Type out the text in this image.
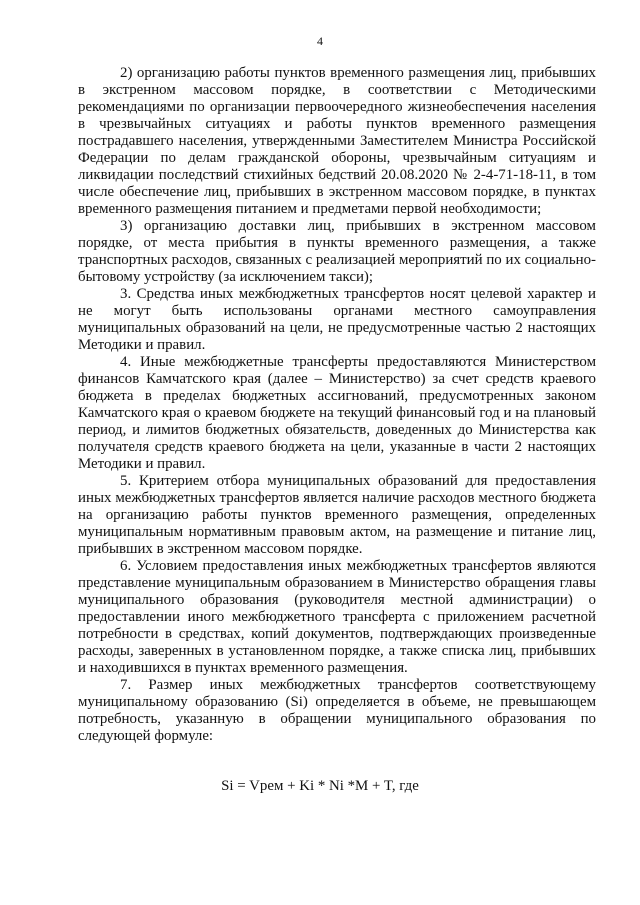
4

2) организацию работы пунктов временного размещения лиц, прибывших в экстренном массовом порядке, в соответствии с Методическими рекомендациями по организации первоочередного жизнеобеспечения населения в чрезвычайных ситуациях и работы пунктов временного размещения пострадавшего населения, утвержденными Заместителем Министра Российской Федерации по делам гражданской обороны, чрезвычайным ситуациям и ликвидации последствий стихийных бедствий 20.08.2020 № 2-4-71-18-11, в том числе обеспечение лиц, прибывших в экстренном массовом порядке, в пунктах временного размещения питанием и предметами первой необходимости;

3) организацию доставки лиц, прибывших в экстренном массовом порядке, от места прибытия в пункты временного размещения, а также транспортных расходов, связанных с реализацией мероприятий по их социально-бытовому устройству (за исключением такси);

3. Средства иных межбюджетных трансфертов носят целевой характер и не могут быть использованы органами местного самоуправления муниципальных образований на цели, не предусмотренные частью 2 настоящих Методики и правил.

4. Иные межбюджетные трансферты предоставляются Министерством финансов Камчатского края (далее – Министерство) за счет средств краевого бюджета в пределах бюджетных ассигнований, предусмотренных законом Камчатского края о краевом бюджете на текущий финансовый год и на плановый период, и лимитов бюджетных обязательств, доведенных до Министерства как получателя средств краевого бюджета на цели, указанные в части 2 настоящих Методики и правил.

5. Критерием отбора муниципальных образований для предоставления иных межбюджетных трансфертов является наличие расходов местного бюджета на организацию работы пунктов временного размещения, определенных муниципальным нормативным правовым актом, на размещение и питание лиц, прибывших в экстренном массовом порядке.

6. Условием предоставления иных межбюджетных трансфертов являются представление муниципальным образованием в Министерство обращения главы муниципального образования (руководителя местной администрации) о предоставлении иного межбюджетного трансферта с приложением расчетной потребности в средствах, копий документов, подтверждающих произведенные расходы, заверенных в установленном порядке, а также списка лиц, прибывших и находившихся в пунктах временного размещения.

7. Размер иных межбюджетных трансфертов соответствующему муниципальному образованию (Si) определяется в объеме, не превышающем потребность, указанную в обращении муниципального образования по следующей формуле:

Si = Vрем + Ki * Ni *M + T, где
